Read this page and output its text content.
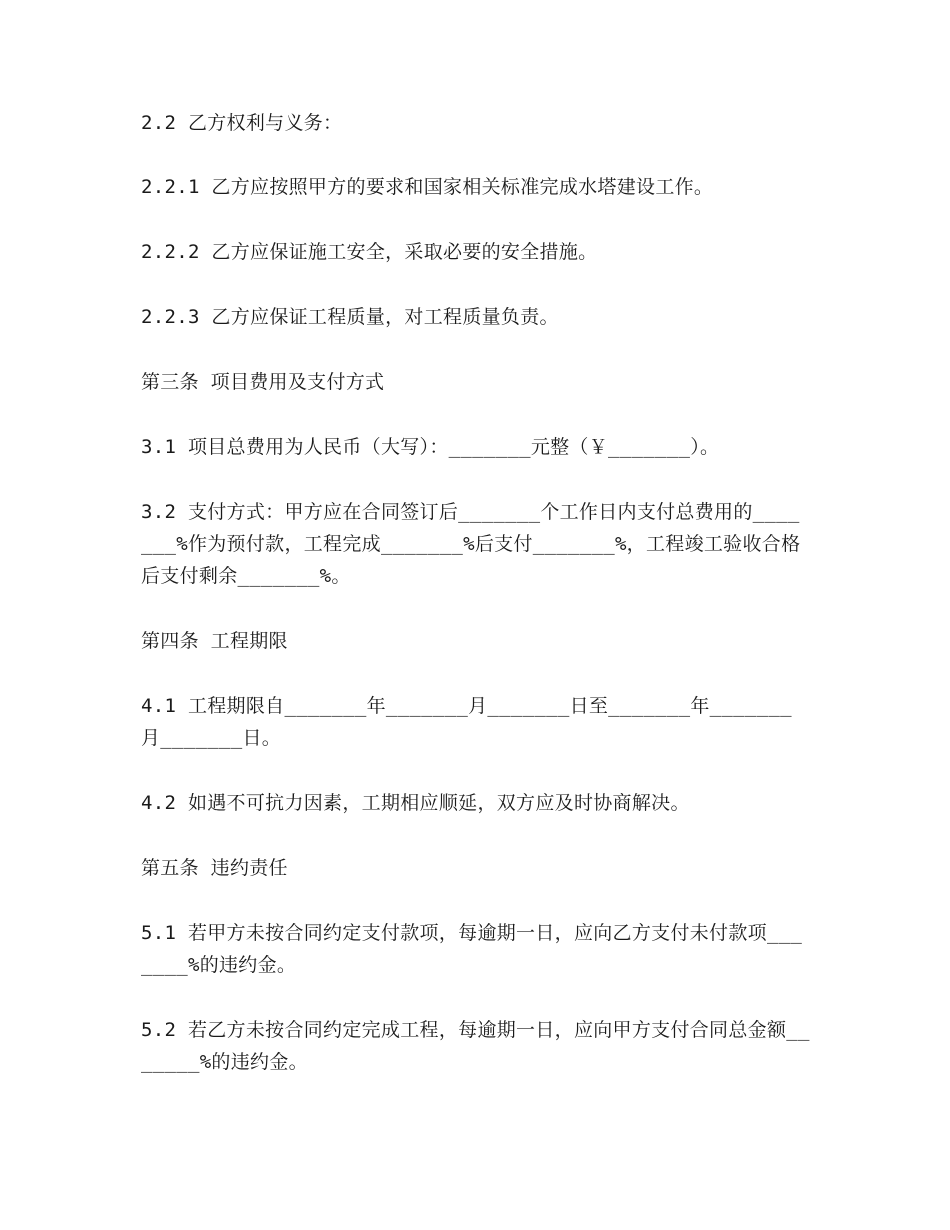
2.2 乙方权利与义务：

2.2.1 乙方应按照甲方的要求和国家相关标准完成水塔建设工作。

2.2.2 乙方应保证施工安全，采取必要的安全措施。

2.2.3 乙方应保证工程质量，对工程质量负责。

第三条 项目费用及支付方式

3.1 项目总费用为人民币（大写）：_______元整（￥_______）。

3.2 支付方式：甲方应在合同签订后_______个工作日内支付总费用的_______%作为预付款，工程完成_______%后支付_______%，工程竣工验收合格后支付剩余_______%。

第四条 工程期限

4.1 工程期限自_______年_______月_______日至_______年_______月_______日。

4.2 如遇不可抗力因素，工期相应顺延，双方应及时协商解决。

第五条 违约责任

5.1 若甲方未按合同约定支付款项，每逾期一日，应向乙方支付未付款项_______%的违约金。

5.2 若乙方未按合同约定完成工程，每逾期一日，应向甲方支付合同总金额_______%的违约金。
